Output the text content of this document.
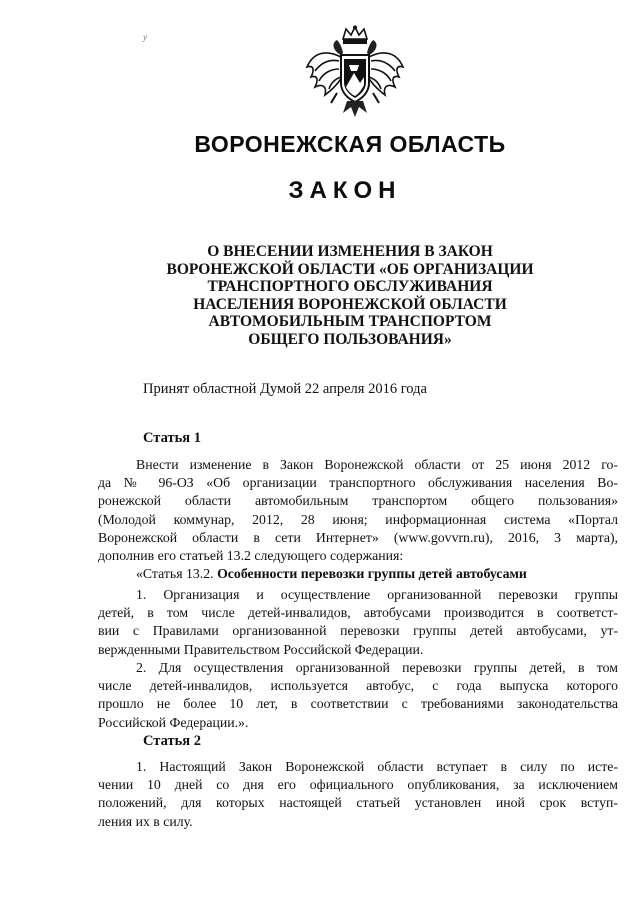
у
ВОРОНЕЖСКАЯ ОБЛАСТЬ
ЗАКОН
О ВНЕСЕНИИ ИЗМЕНЕНИЯ В ЗАКОН
ВОРОНЕЖСКОЙ ОБЛАСТИ «ОБ ОРГАНИЗАЦИИ
ТРАНСПОРТНОГО ОБСЛУЖИВАНИЯ
НАСЕЛЕНИЯ ВОРОНЕЖСКОЙ ОБЛАСТИ
АВТОМОБИЛЬНЫМ ТРАНСПОРТОМ
ОБЩЕГО ПОЛЬЗОВАНИЯ»
Принят областной Думой 22 апреля 2016 года
Статья 1
Внести изменение в Закон Воронежской области от 25 июня 2012 го-
да № 96-ОЗ «Об организации транспортного обслуживания населения Во-
ронежской области автомобильным транспортом общего пользования»
(Молодой коммунар, 2012, 28 июня; информационная система «Портал
Воронежской области в сети Интернет» (www.govvrn.ru), 2016, 3 марта),
дополнив его статьей 13.2 следующего содержания:
«Статья 13.2. Особенности перевозки группы детей автобусами
1. Организация и осуществление организованной перевозки группы
детей, в том числе детей-инвалидов, автобусами производится в соответст-
вии с Правилами организованной перевозки группы детей автобусами, ут-
вержденными Правительством Российской Федерации.
2. Для осуществления организованной перевозки группы детей, в том
числе детей-инвалидов, используется автобус, с года выпуска которого
прошло не более 10 лет, в соответствии с требованиями законодательства
Российской Федерации.».
Статья 2
1. Настоящий Закон Воронежской области вступает в силу по исте-
чении 10 дней со дня его официального опубликования, за исключением
положений, для которых настоящей статьей установлен иной срок вступ-
ления их в силу.
